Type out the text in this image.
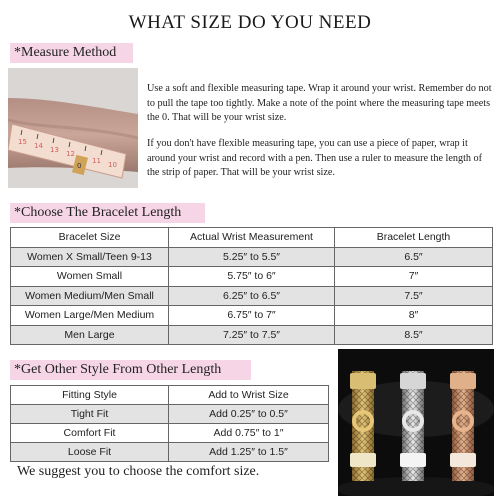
WHAT SIZE DO YOU NEED
*Measure Method
15 14 13 12
11 10
0
Use a soft and flexible measuring tape. Wrap it around your wrist. Remember do not to pull the tape too tightly. Make a note of the point where the measuring tape meets the 0. That will be your wrist size.
If you don't have flexible measuring tape, you can use a piece of paper, wrap it around your wrist and record with a pen. Then use a ruler to measure the length of the strip of paper. That will be your wrist size.
*Choose The Bracelet Length
Bracelet Size	Actual Wrist Measurement	Bracelet Length
Women X Small/Teen 9-13	5.25″ to 5.5″	6.5″
Women Small	5.75″ to 6″	7″
Women Medium/Men Small	6.25″ to 6.5″	7.5″
Women Large/Men Medium	6.75″ to 7″	8″
Men Large	7.25″ to 7.5″	8.5″
*Get Other Style From Other Length
Fitting Style	Add to Wrist Size
Tight Fit	Add 0.25″ to 0.5″
Comfort Fit	Add 0.75″ to 1″
Loose Fit	Add 1.25″ to 1.5″
We suggest you to choose the comfort size.
